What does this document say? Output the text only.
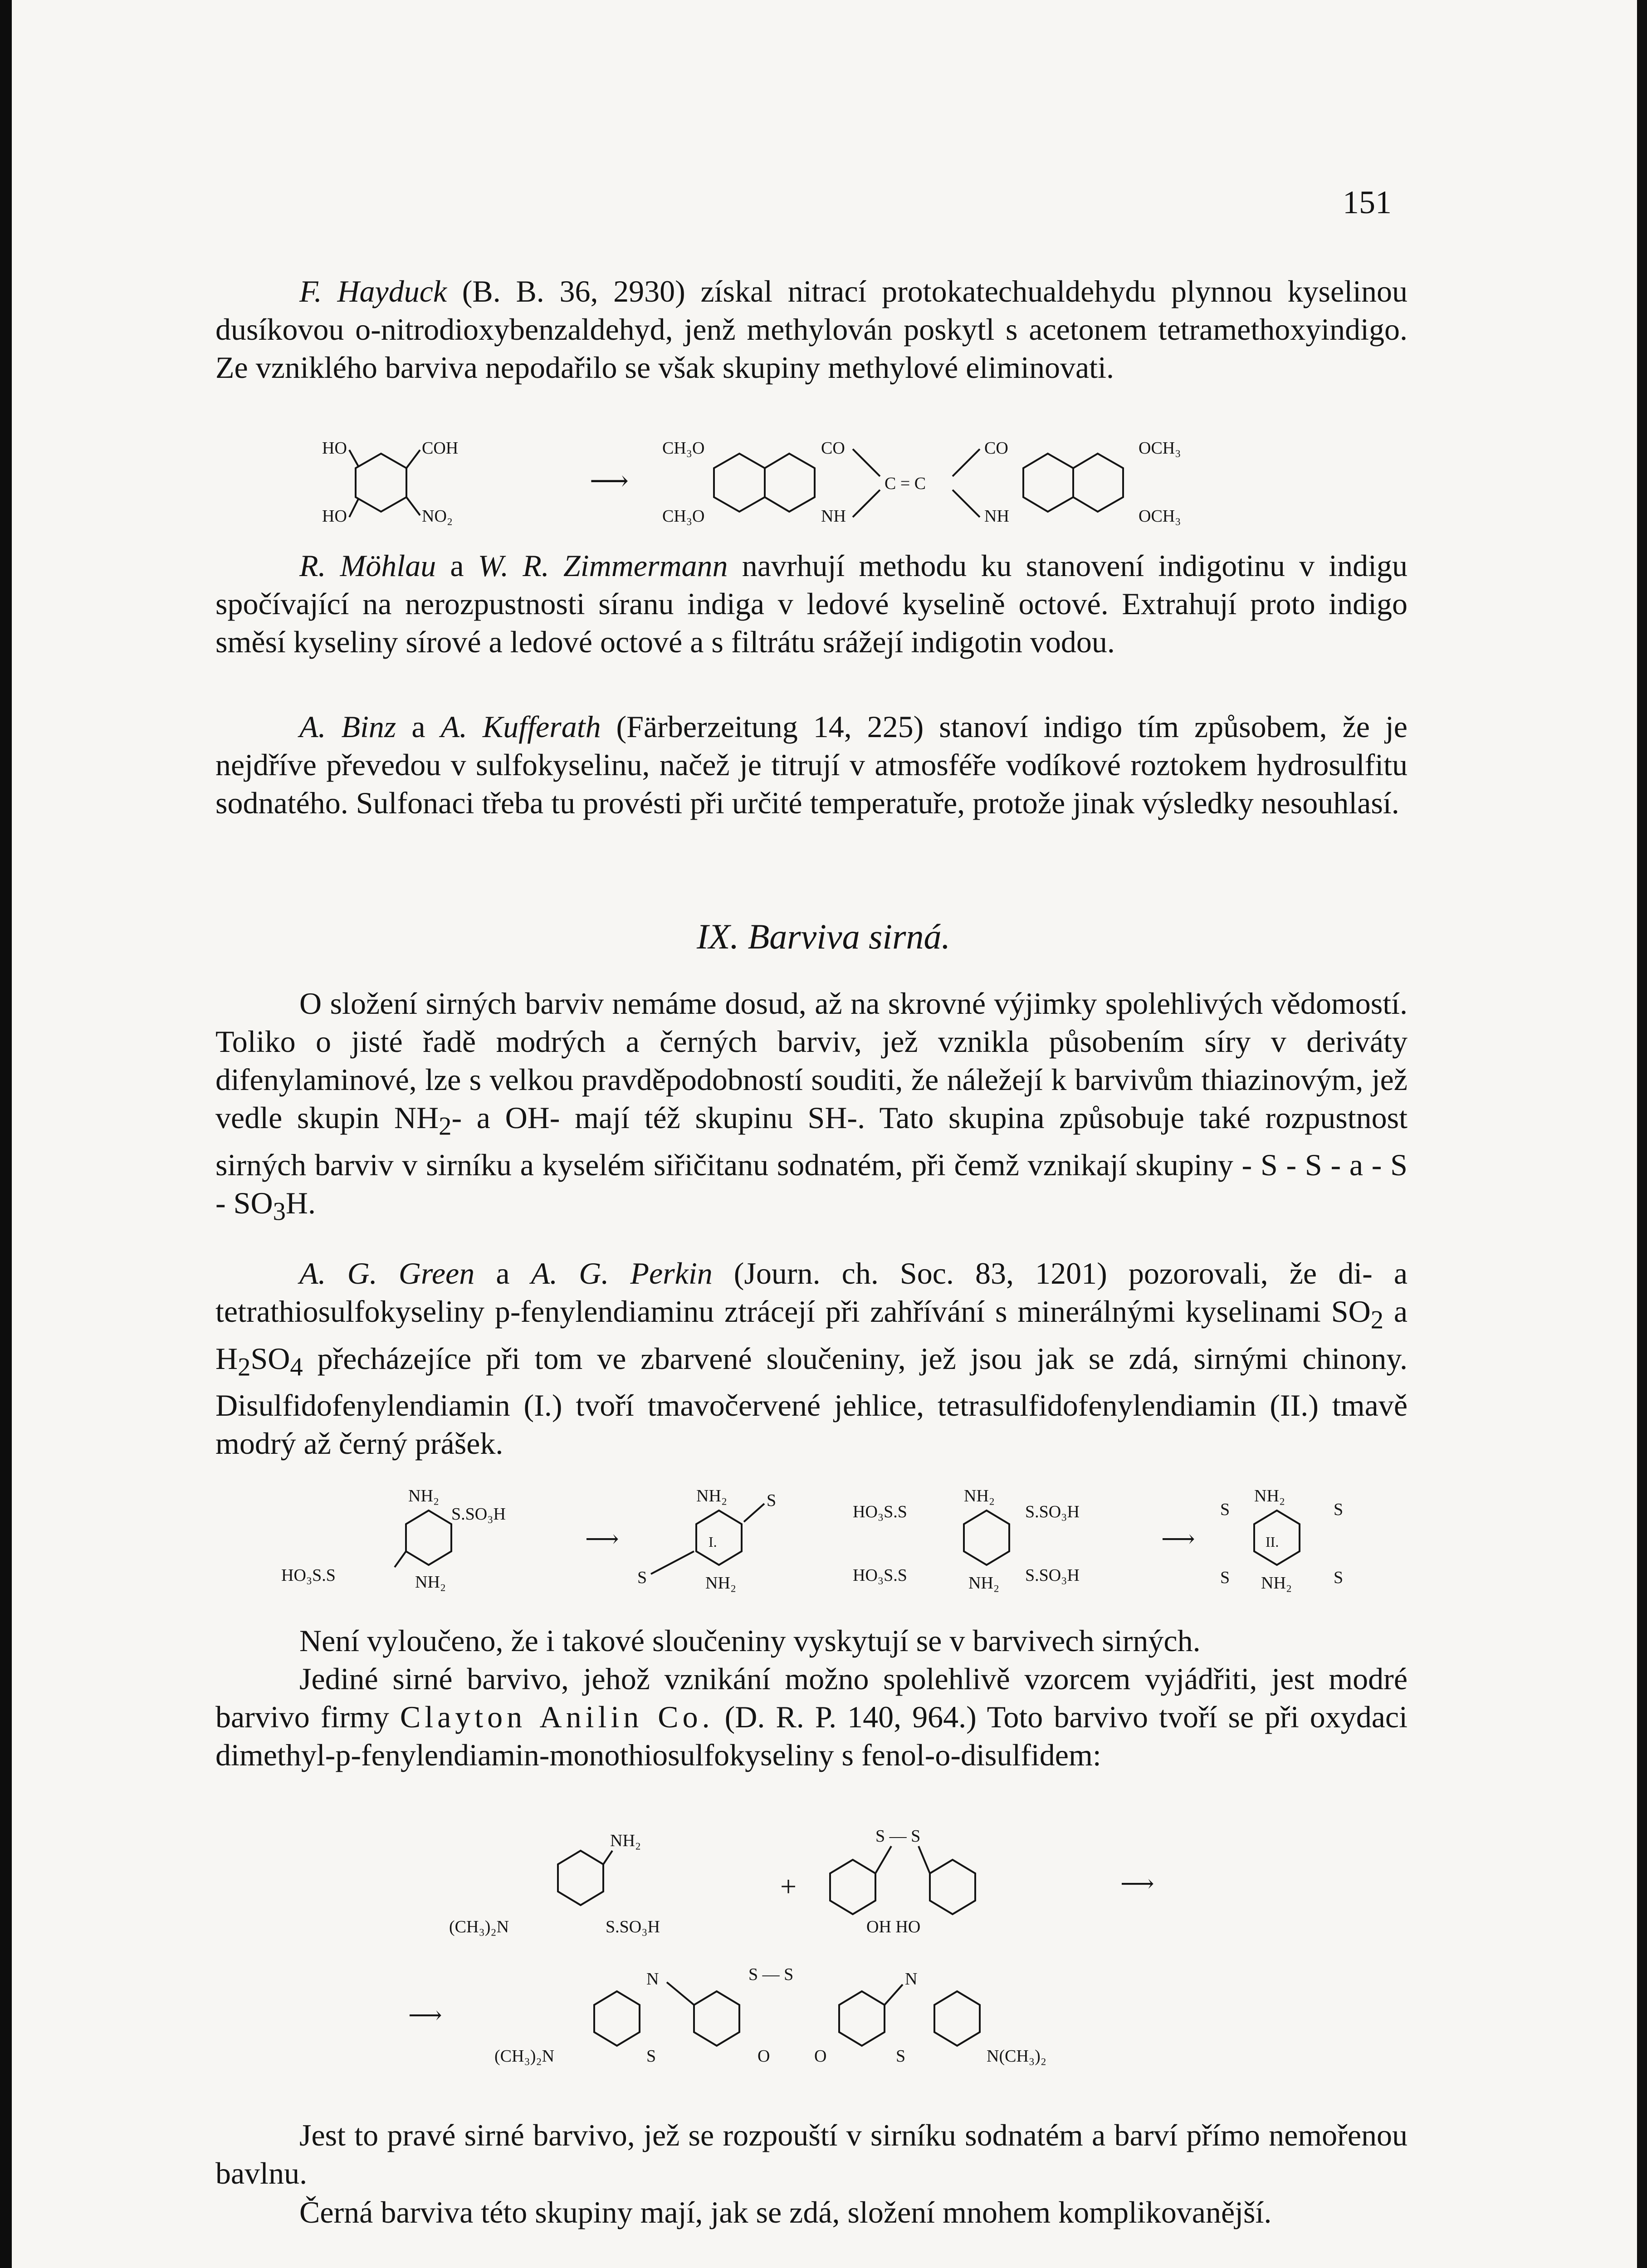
151

F. Hayduck (B. B. 36, 2930) získal nitrací protokatechualdehydu plynnou kyselinou dusíkovou o-nitrodioxybenzaldehyd, jenž methylován poskytl s acetonem tetramethoxyindigo. Ze vzniklého barviva nepodařilo se však skupiny methylové eliminovati.

HO
HO
COH
NO₂
⟶
CH₃O
CH₃O
CO
NH
C = C
CO
NH
OCH₃
OCH₃

R. Möhlau a W. R. Zimmermann navrhují methodu ku stanovení indigotinu v indigu spočívající na nerozpustnosti síranu indiga v ledové kyselině octové. Extrahují proto indigo směsí kyseliny sírové a ledové octové a s filtrátu srážejí indigotin vodou.

A. Binz a A. Kufferath (Färberzeitung 14, 225) stanoví indigo tím způsobem, že je nejdříve převedou v sulfokyselinu, načež je titrují v atmosféře vodíkové roztokem hydrosulfitu sodnatého. Sulfonaci třeba tu provésti při určité temperatuře, protože jinak výsledky nesouhlasí.

IX. Barviva sirná.

O složení sirných barviv nemáme dosud, až na skrovné výjimky spolehlivých vědomostí. Toliko o jisté řadě modrých a černých barviv, jež vznikla působením síry v deriváty difenylaminové, lze s velkou pravděpodobností souditi, že náležejí k barvivům thiazinovým, jež vedle skupin $NH_2-$ a OH- mají též skupinu SH-. Tato skupina způsobuje také rozpustnost sirných barviv v sirníku a kyselém siřičitanu sodnatém, při čemž vznikají skupiny - S - S - a - S - $SO_3H$.

A. G. Green a A. G. Perkin (Journ. ch. Soc. 83, 1201) pozorovali, že di- a tetrathiosulfokyseliny p-fenylendiaminu ztrácejí při zahřívání s minerálnými kyselinami $SO_2$ a $H_2SO_4$ přecházejíce při tom ve zbarvené sloučeniny, jež jsou jak se zdá, sirnými chinony. Disulfidofenylendiamin (I.) tvoří tmavočervené jehlice, tetrasulfidofenylendiamin (II.) tmavě modrý až černý prášek.

NH₂
S.SO₃H
HO₃S.S	NH₂
⟶
NH₂ S
I.
S	NH₂
HO₃S.S
NH₂
S.SO₃H
HO₃S.S	NH₂ S.SO₃H
⟶
S
NH₂
S
II.
S NH₂ S

Není vyloučeno, že i takové sloučeniny vyskytují se v barvivech sirných.

Jediné sirné barvivo, jehož vznikání možno spolehlivě vzorcem vyjádřiti, jest modré barvivo firmy Clayton Anilin Co. (D. R. P. 140, 964.) Toto barvivo tvoří se při oxydaci dimethyl-p-fenylendiamin-monothiosulfokyseliny s fenol-o-disulfidem:

NH₂
(CH₃)₂N	S.SO₃H
+
S — S
OH HO
⟶
⟶
(CH₃)₂N
N
S
S — S
O	O
N
S	N(CH₃)₂

Jest to pravé sirné barvivo, jež se rozpouští v sirníku sodnatém a barví přímo nemořenou bavlnu.

Černá barviva této skupiny mají, jak se zdá, složení mnohem komplikovanější.
